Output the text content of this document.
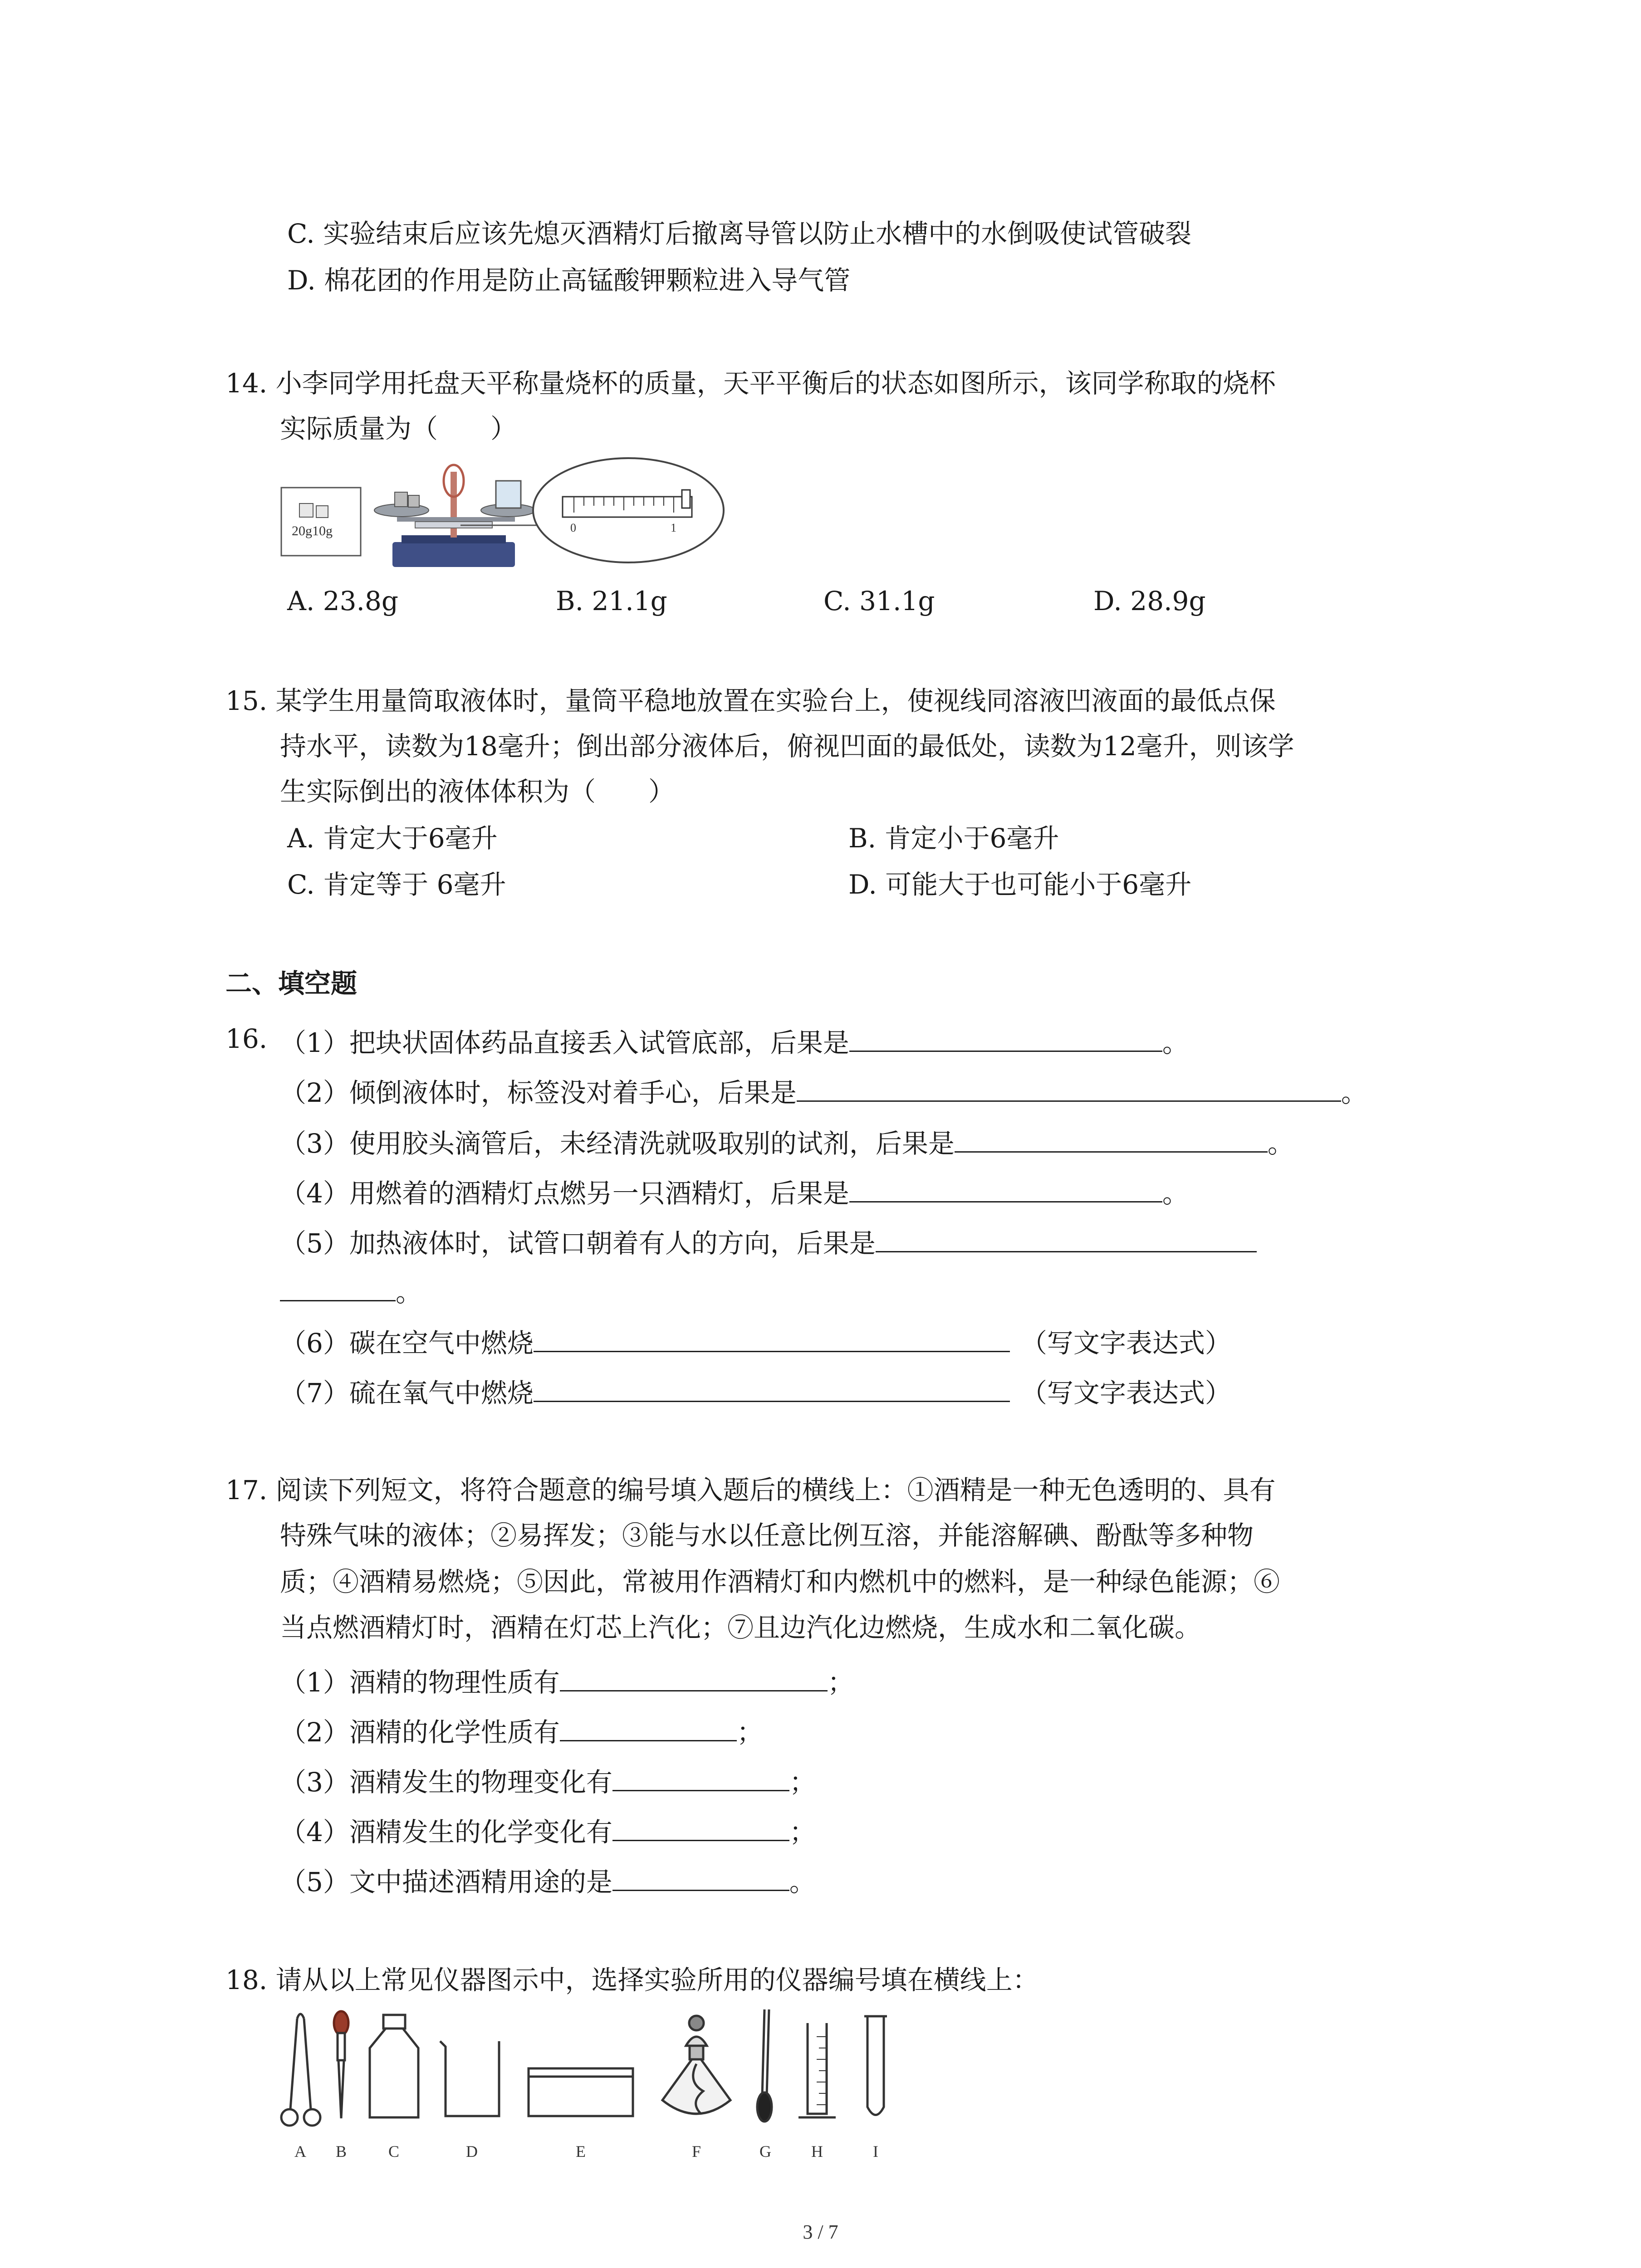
C. 实验结束后应该先熄灭酒精灯后撤离导管以防止水槽中的水倒吸使试管破裂
D. 棉花团的作用是防止高锰酸钾颗粒进入导气管
14. 小李同学用托盘天平称量烧杯的质量，天平平衡后的状态如图所示，该同学称取的烧杯
实际质量为（　　）
20g10g	0	1
A. 23.8g	B. 21.1g	C. 31.1g	D. 28.9g
15. 某学生用量筒取液体时，量筒平稳地放置在实验台上，使视线同溶液凹液面的最低点保
持水平，读数为18毫升；倒出部分液体后，俯视凹面的最低处，读数为12毫升，则该学
生实际倒出的液体体积为（　　）
A. 肯定大于6毫升	B. 肯定小于6毫升
C. 肯定等于 6毫升	D. 可能大于也可能小于6毫升
二、填空题
16. （1）把块状固体药品直接丢入试管底部，后果是	。
（2）倾倒液体时，标签没对着手心，后果是	。
（3）使用胶头滴管后，未经清洗就吸取别的试剂，后果是	。
（4）用燃着的酒精灯点燃另一只酒精灯，后果是	。
（5）加热液体时，试管口朝着有人的方向，后果是
。
（6）碳在空气中燃烧	（写文字表达式）
（7）硫在氧气中燃烧	（写文字表达式）
17. 阅读下列短文，将符合题意的编号填入题后的横线上：①酒精是一种无色透明的、具有
特殊气味的液体；②易挥发；③能与水以任意比例互溶，并能溶解碘、酚酞等多种物
质；④酒精易燃烧；⑤因此，常被用作酒精灯和内燃机中的燃料，是一种绿色能源；⑥
当点燃酒精灯时，酒精在灯芯上汽化；⑦且边汽化边燃烧，生成水和二氧化碳。
（1）酒精的物理性质有	；
（2）酒精的化学性质有	；
（3）酒精发生的物理变化有	；
（4）酒精发生的化学变化有	；
（5）文中描述酒精用途的是	。
18. 请从以上常见仪器图示中，选择实验所用的仪器编号填在横线上：
A B	C	D	E	F	G H	I
3 / 7
